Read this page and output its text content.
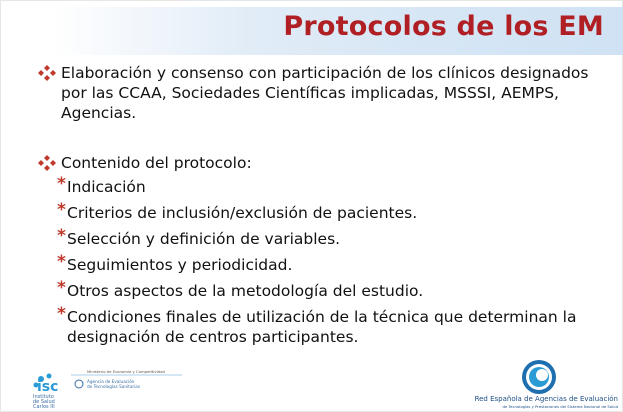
Protocolos de los EM
Elaboración y consenso con participación de los clínicos designados por las CCAA, Sociedades Científicas implicadas, MSSSI, AEMPS, Agencias.
Contenido del protocolo:
* Indicación
* Criterios de inclusión/exclusión de pacientes.
* Selección y definición de variables.
* Seguimientos y periodicidad.
* Otros aspectos de la metodología del estudio.
* Condiciones finales de utilización de la técnica que determinan la designación de centros participantes.
isc
Ministerio de Economía y Competitividad
Instituto
de Salud
Carlos III
Agencia de Evaluación
de Tecnologías Sanitarias
Red Española de Agencias de Evaluación
de Tecnologías y Prestaciones del Sistema Nacional de Salud
